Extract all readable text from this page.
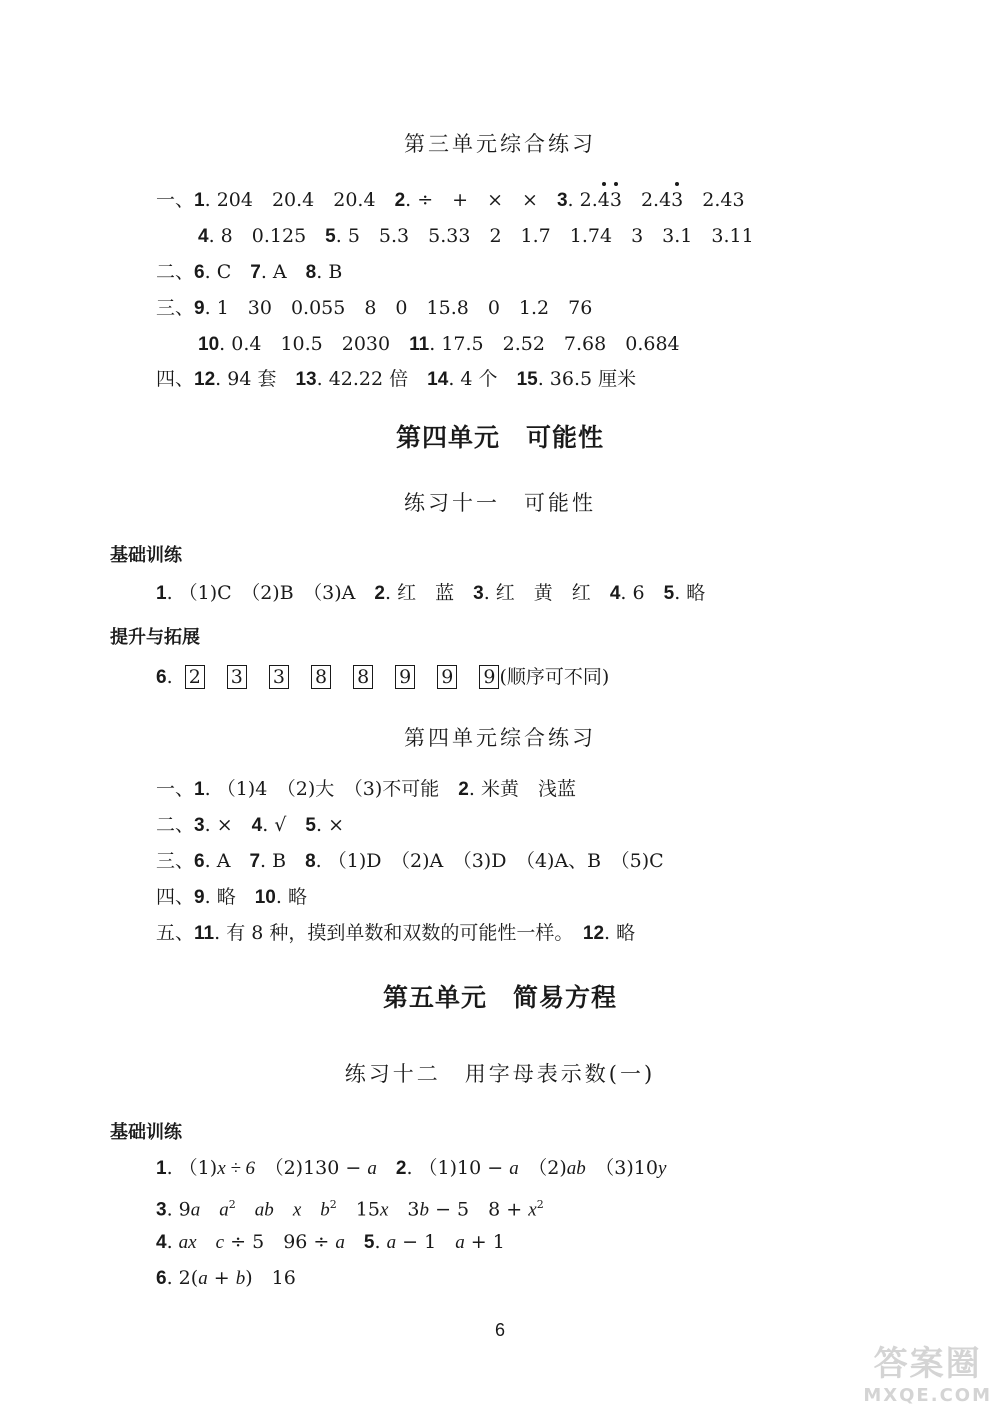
第三单元综合练习
一、1. 204　20.4　20.4　 2. ÷　+　×　×　 3. 2.43　2.43　2.43
4. 8　0.125　 5. 5　5.3　5.33　2　1.7　1.74　3　3.1　3.11
二、6. C　 7. A　 8. B
三、9. 1　30　0.055　8　0　15.8　0　1.2　76
10. 0.4　10.5　2030　 11. 17.5　2.52　7.68　0.684
四、12. 94 套　 13. 42.22 倍　 14. 4 个　 15. 36.5 厘米
第四单元　可能性
练习十一　可能性
基础训练
1. （1)C　（2)B　（3)A　 2. 红　蓝　 3. 红　黄　红　 4. 6　 5. 略
提升与拓展
6.  2 3 3 8 8 9 9 9 (顺序可不同)
第四单元综合练习
一、1. （1)4　（2)大　（3)不可能　 2. 米黄　浅蓝
二、3. ×　 4. √　 5. ×
三、6. A　 7. B　 8. （1)D　（2)A　（3)D　（4)A、B　（5)C
四、9. 略　 10. 略
五、11. 有 8 种，摸到单数和双数的可能性一样。　 12. 略
第五单元　简易方程
练习十二　用字母表示数(一)
基础训练
1. （1)x ÷ 6　 （2)130 − a　 2. （1)10 − a　 （2)ab　 （3)10y
3. 9a　 $a^2$　 ab　 x　 $b^2$　 15x　 3b − 5　 $8 + x^2$
4. ax　 c ÷ 5　 96 ÷ a　 5. a − 1　 a + 1
6. 2(a + b)　 16
6
答案圈
MXQE.COM
